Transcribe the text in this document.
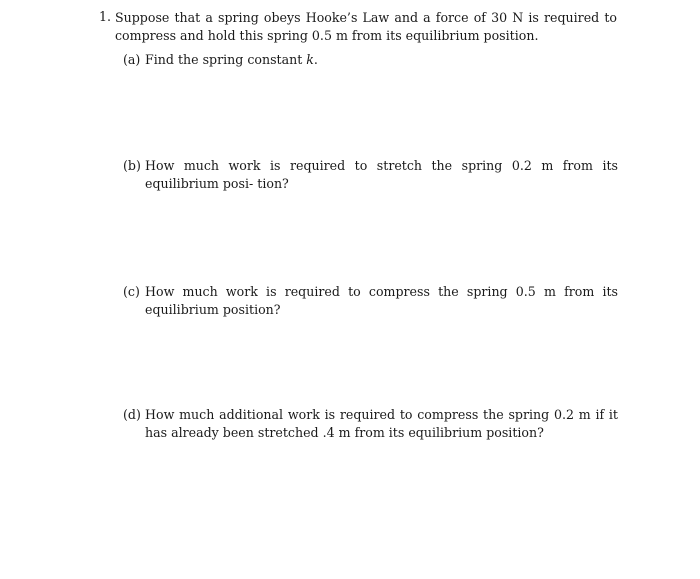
1. Suppose that a spring obeys Hooke’s Law and a force of 30 N is required to compress and hold this spring 0.5 m from its equilibrium position.
(a) Find the spring constant k.
(b) How much work is required to stretch the spring 0.2 m from its equilibrium posi- tion?
(c) How much work is required to compress the spring 0.5 m from its equilibrium position?
(d) How much additional work is required to compress the spring 0.2 m if it has already been stretched .4 m from its equilibrium position?
